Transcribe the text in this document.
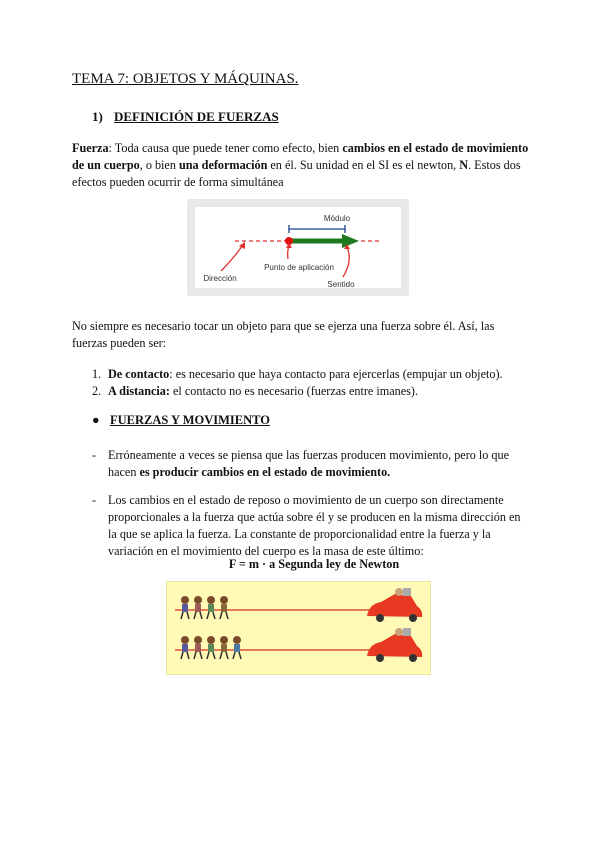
TEMA 7: OBJETOS Y MÁQUINAS.
1) DEFINICIÓN DE FUERZAS
Fuerza: Toda causa que puede tener como efecto, bien cambios en el estado de movimiento de un cuerpo, o bien una deformación en él. Su unidad en el SI es el newton, N. Estos dos efectos pueden ocurrir de forma simultánea
Módulo
Punto de aplicación
Dirección
Sentido
No siempre es necesario tocar un objeto para que se ejerza una fuerza sobre él. Así, las fuerzas pueden ser:
1. De contacto: es necesario que haya contacto para ejercerlas (empujar un objeto).
2. A distancia: el contacto no es necesario (fuerzas entre imanes).
● FUERZAS Y MOVIMIENTO
- Erróneamente a veces se piensa que las fuerzas producen movimiento, pero lo que hacen es producir cambios en el estado de movimiento.
- Los cambios en el estado de reposo o movimiento de un cuerpo son directamente proporcionales a la fuerza que actúa sobre él y se producen en la misma dirección en la que se aplica la fuerza. La constante de proporcionalidad entre la fuerza y la variación en el movimiento del cuerpo es la masa de este último:
F = m · a Segunda ley de Newton
